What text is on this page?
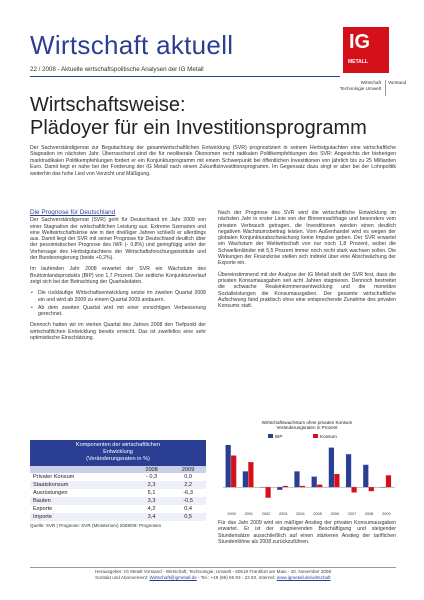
Wirtschaft aktuell
22 / 2008 - Aktuelle wirtschaftspolitische Analysen der IG Metall
IG
METALL
Wirtschaft Technologie Umwelt
Vorstand
Wirtschaftsweise:
Plädoyer für ein Investitionsprogramm
Der Sachverständigenrat zur Begutachtung der gesamtwirtschaftlichen Entwicklung (SVR) prognostiziert in seinem Herbstgutachten eine wirtschaftliche Stagnation im nächsten Jahr. Überraschend sind die für neoliberale Ökonomen recht radikalen Politikempfehlungen des SVR: Angesichts der bisherigen marktradikalen Politikempfehlungen fordert er ein Konjunkturprogramm mit einem Schwerpunkt bei öffentlichen Investitionen von jährlich bis zu 25 Milliarden Euro. Damit liegt er nahe bei der Forderung der IG Metall nach einem Zukunftsinvestitionsprogramm. Im Gegensatz dazu singt er aber bei der Lohnpolitik weiterhin das hohe Lied von Verzicht und Mäßigung.
Die Prognose für Deutschland

Der Sachverständigenrat (SVR) geht für Deutschland im Jahr 2009 von einer Stagnation der wirtschaftlichen Leistung aus. Extreme Szenarien und eine Weltwirtschaftskrise wie in den dreißiger Jahren schließt er allerdings aus. Damit liegt der SVR mit seiner Prognose für Deutschland deutlich über der pessimistischen Prognose des IWF (- 0,8%) und geringfügig unter der Vorhersage des Herbstgutachtens der Wirtschaftsforschungsinstitute und der Bundesregierung (beide +0,2%).

Im laufenden Jahr 2008 erwartet der SVR ein Wachstum des Bruttoinlandsprodukts (BIP) von 1,7 Prozent. Der zeitliche Konjunkturverlauf zeigt sich bei der Betrachtung der Quartalsdaten.

• Die rückläufige Wirtschaftsentwicklung setzte im zweiten Quartal 2008 ein und wird ab 2009 zu einem Quartal 2009 andauern.
• Ab dem zweiten Quartal wird mit einer vorsichtigen Verbesserung gerechnet.

Dennoch hatten wir im vierten Quartal des Jahres 2008 den Tiefpunkt der wirtschaftlichen Entwicklung bereits erreicht. Das ist zweifellos eine sehr optimistische Einschätzung.

Nach der Prognose des SVR wird die wirtschaftliche Entwicklung im nächsten Jahr in erster Linie von der Binnennachfrage und besonders vom privaten Verbrauch getragen, die Investitionen werden einen deutlich negativen Wachstumsbeitrag leisten. Vom Außenhandel wird es wegen der globalen Konjunkturabschwächung keine Impulse geben. Der SVR erwartet ein Wachstum der Weltwirtschaft von nur noch 1,8 Prozent, wobei die Schwellenländer mit 5,5 Prozent immer noch recht stark wachsen sollen. Die Wirkungen der Finanzkrise stellen sich indirekt über eine Abschwächung der Exporte ein.

Übereinstimmend mit der Analyse der IG Metall stellt der SVR fest, dass die privaten Konsumausgaben seit acht Jahren stagnieren. Dennoch bestreitet die schwache Realeinkommensentwicklung und die monetäre Sozialleistungen die Konsumausgaben. Der gesamte wirtschaftliche Aufschwung fand praktisch ohne eine entsprechende Zunahme des privaten Konsums statt.

Komponenten der wirtschaftlichen
Entwicklung
(Veränderungsraten in %)
	2008	2009
Privater Konsum	- 0,3	0,9
Staatskonsum	2,3	2,2
Ausrüstungen	5,1	-6,3
Bauten	3,3	-0,5
Exporte	4,2	0,4
Importe	3,4	0,5
Quelle: SVR | Prognose: SVR (Ministerium) 2008/09: Prognosen
Wirtschaftswachstum ohne privaten Konsum
Veränderungsraten in Prozent
BIP	Konsum
2000 2001 2002 2003 2004 2005 2006 2007 2008 2009
Für das Jahr 2009 wird ein mäßiger Anstieg der privaten Konsumausgaben erwartet. Er ist der stagnierenden Beschäftigung und steigender Stundensätze ausschließlich auf einen stärkeren Anstieg der tariflichen Stundenlöhne als 2008 zurückzuführen.
Herausgeber: IG Metall Vorstand - Wirtschaft, Technologie, Umwelt - 60519 Frankfurt am Main - 20. November 2008
Kontakt und Abonnement: Wirtschaft@igmetall.de - Tel.: +49 (69) 66 93 - 23 83, Internet: www.igmetall.de/wirtschaft
